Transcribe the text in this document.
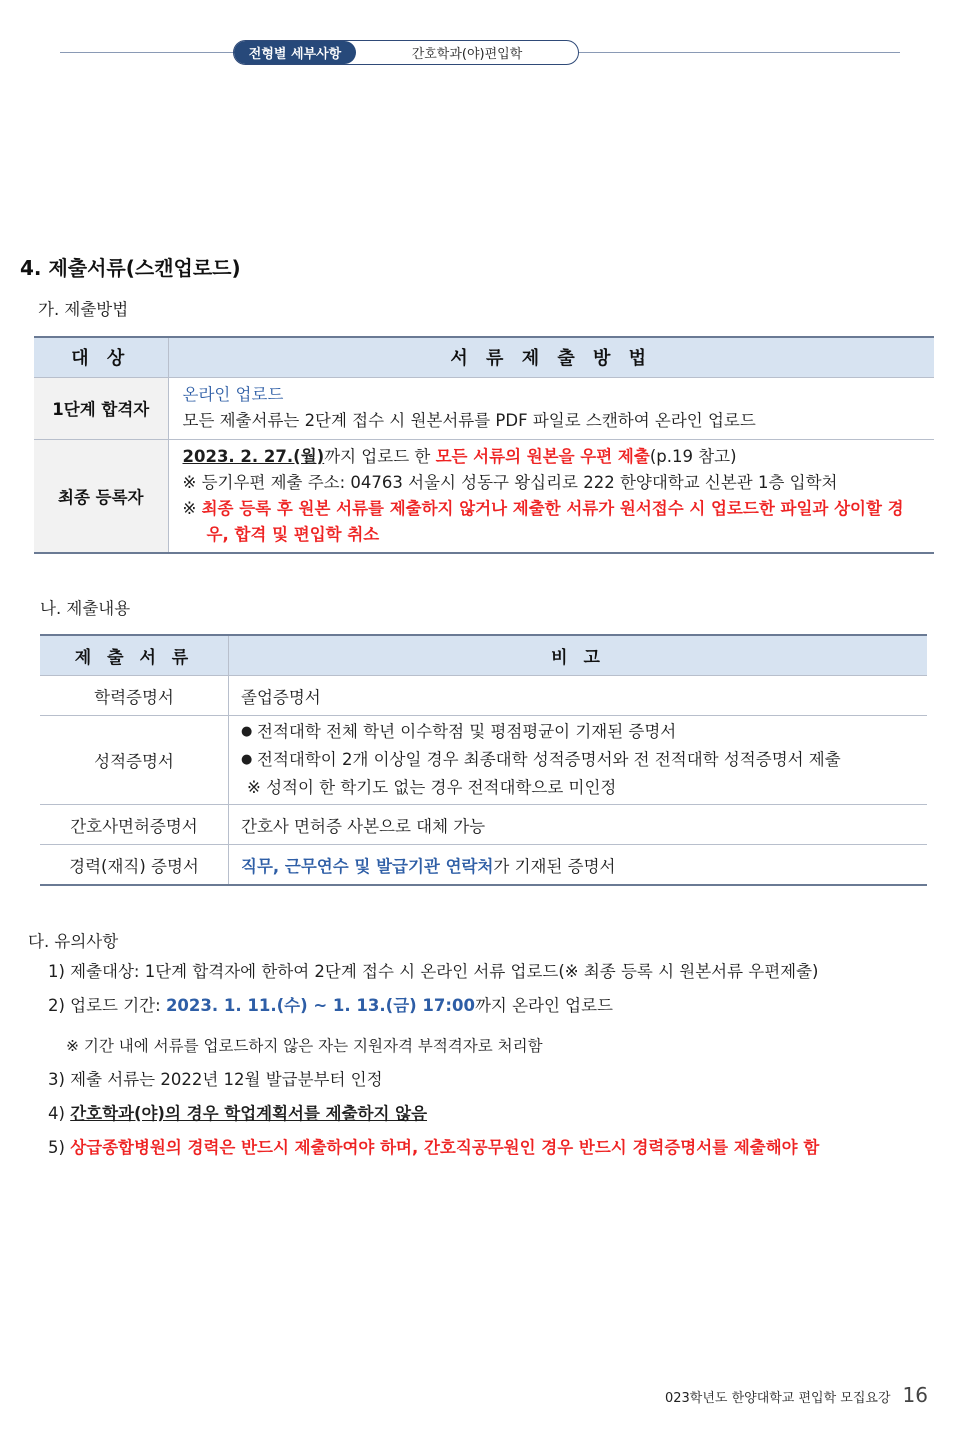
전형별 세부사항	간호학과(야)편입학
4. 제출서류(스캔업로드)
가. 제출방법
대 상	서 류 제 출 방 법
1단계 합격자	온라인 업로드
모든 제출서류는 2단계 접수 시 원본서류를 PDF 파일로 스캔하여 온라인 업로드

최종 등록자	2023. 2. 27.(월)까지 업로드 한 모든 서류의 원본을 우편 제출(p.19 참고)
※ 등기우편 제출 주소: 04763 서울시 성동구 왕십리로 222 한양대학교 신본관 1층 입학처
※ 최종 등록 후 원본 서류를 제출하지 않거나 제출한 서류가 원서접수 시 업로드한 파일과 상이할 경우, 합격 및 편입학 취소
나. 제출내용
제 출 서 류	비 고
학력증명서	졸업증명서
성적증명서	● 전적대학 전체 학년 이수학점 및 평점평균이 기재된 증명서
● 전적대학이 2개 이상일 경우 최종대학 성적증명서와 전 전적대학 성적증명서 제출
※ 성적이 한 학기도 없는 경우 전적대학으로 미인정

간호사면허증명서	간호사 면허증 사본으로 대체 가능
경력(재직) 증명서	직무, 근무연수 및 발급기관 연락처가 기재된 증명서
다. 유의사항
1) 제출대상: 1단계 합격자에 한하여 2단계 접수 시 온라인 서류 업로드(※ 최종 등록 시 원본서류 우편제출)
2) 업로드 기간: 2023. 1. 11.(수) ~ 1. 13.(금) 17:00까지 온라인 업로드
※ 기간 내에 서류를 업로드하지 않은 자는 지원자격 부적격자로 처리함
3) 제출 서류는 2022년 12월 발급분부터 인정
4) 간호학과(야)의 경우 학업계획서를 제출하지 않음
5) 상급종합병원의 경력은 반드시 제출하여야 하며, 간호직공무원인 경우 반드시 경력증명서를 제출해야 함
023학년도 한양대학교 편입학 모집요강 16
